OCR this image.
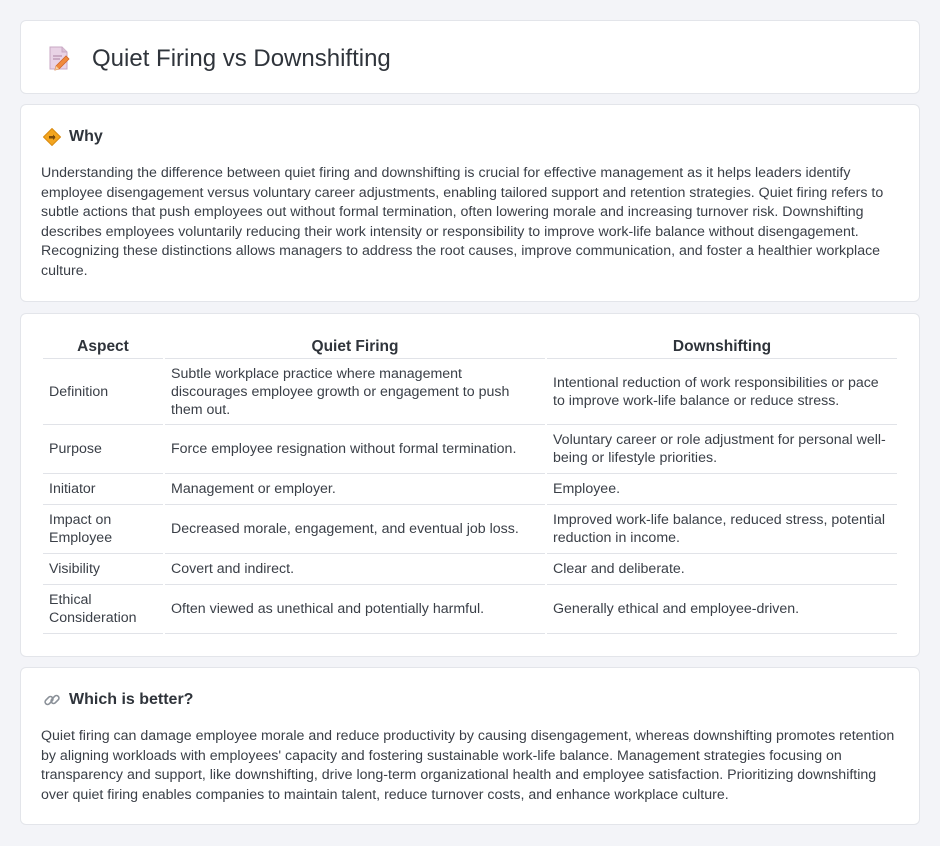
Quiet Firing vs Downshifting
Why

Understanding the difference between quiet firing and downshifting is crucial for effective management as it helps leaders identify employee disengagement versus voluntary career adjustments, enabling tailored support and retention strategies. Quiet firing refers to subtle actions that push employees out without formal termination, often lowering morale and increasing turnover risk. Downshifting describes employees voluntarily reducing their work intensity or responsibility to improve work-life balance without disengagement. Recognizing these distinctions allows managers to address the root causes, improve communication, and foster a healthier workplace culture.

Aspect	Quiet Firing	Downshifting
Definition	Subtle workplace practice where management discourages employee growth or engagement to push them out.	Intentional reduction of work responsibilities or pace to improve work-life balance or reduce stress.
Purpose	Force employee resignation without formal termination.	Voluntary career or role adjustment for personal well-being or lifestyle priorities.
Initiator	Management or employer.	Employee.
Impact on Employee	Decreased morale, engagement, and eventual job loss.	Improved work-life balance, reduced stress, potential reduction in income.
Visibility	Covert and indirect.	Clear and deliberate.
Ethical Consideration	Often viewed as unethical and potentially harmful.	Generally ethical and employee-driven.
Which is better?

Quiet firing can damage employee morale and reduce productivity by causing disengagement, whereas downshifting promotes retention by aligning workloads with employees' capacity and fostering sustainable work-life balance. Management strategies focusing on transparency and support, like downshifting, drive long-term organizational health and employee satisfaction. Prioritizing downshifting over quiet firing enables companies to maintain talent, reduce turnover costs, and enhance workplace culture.
